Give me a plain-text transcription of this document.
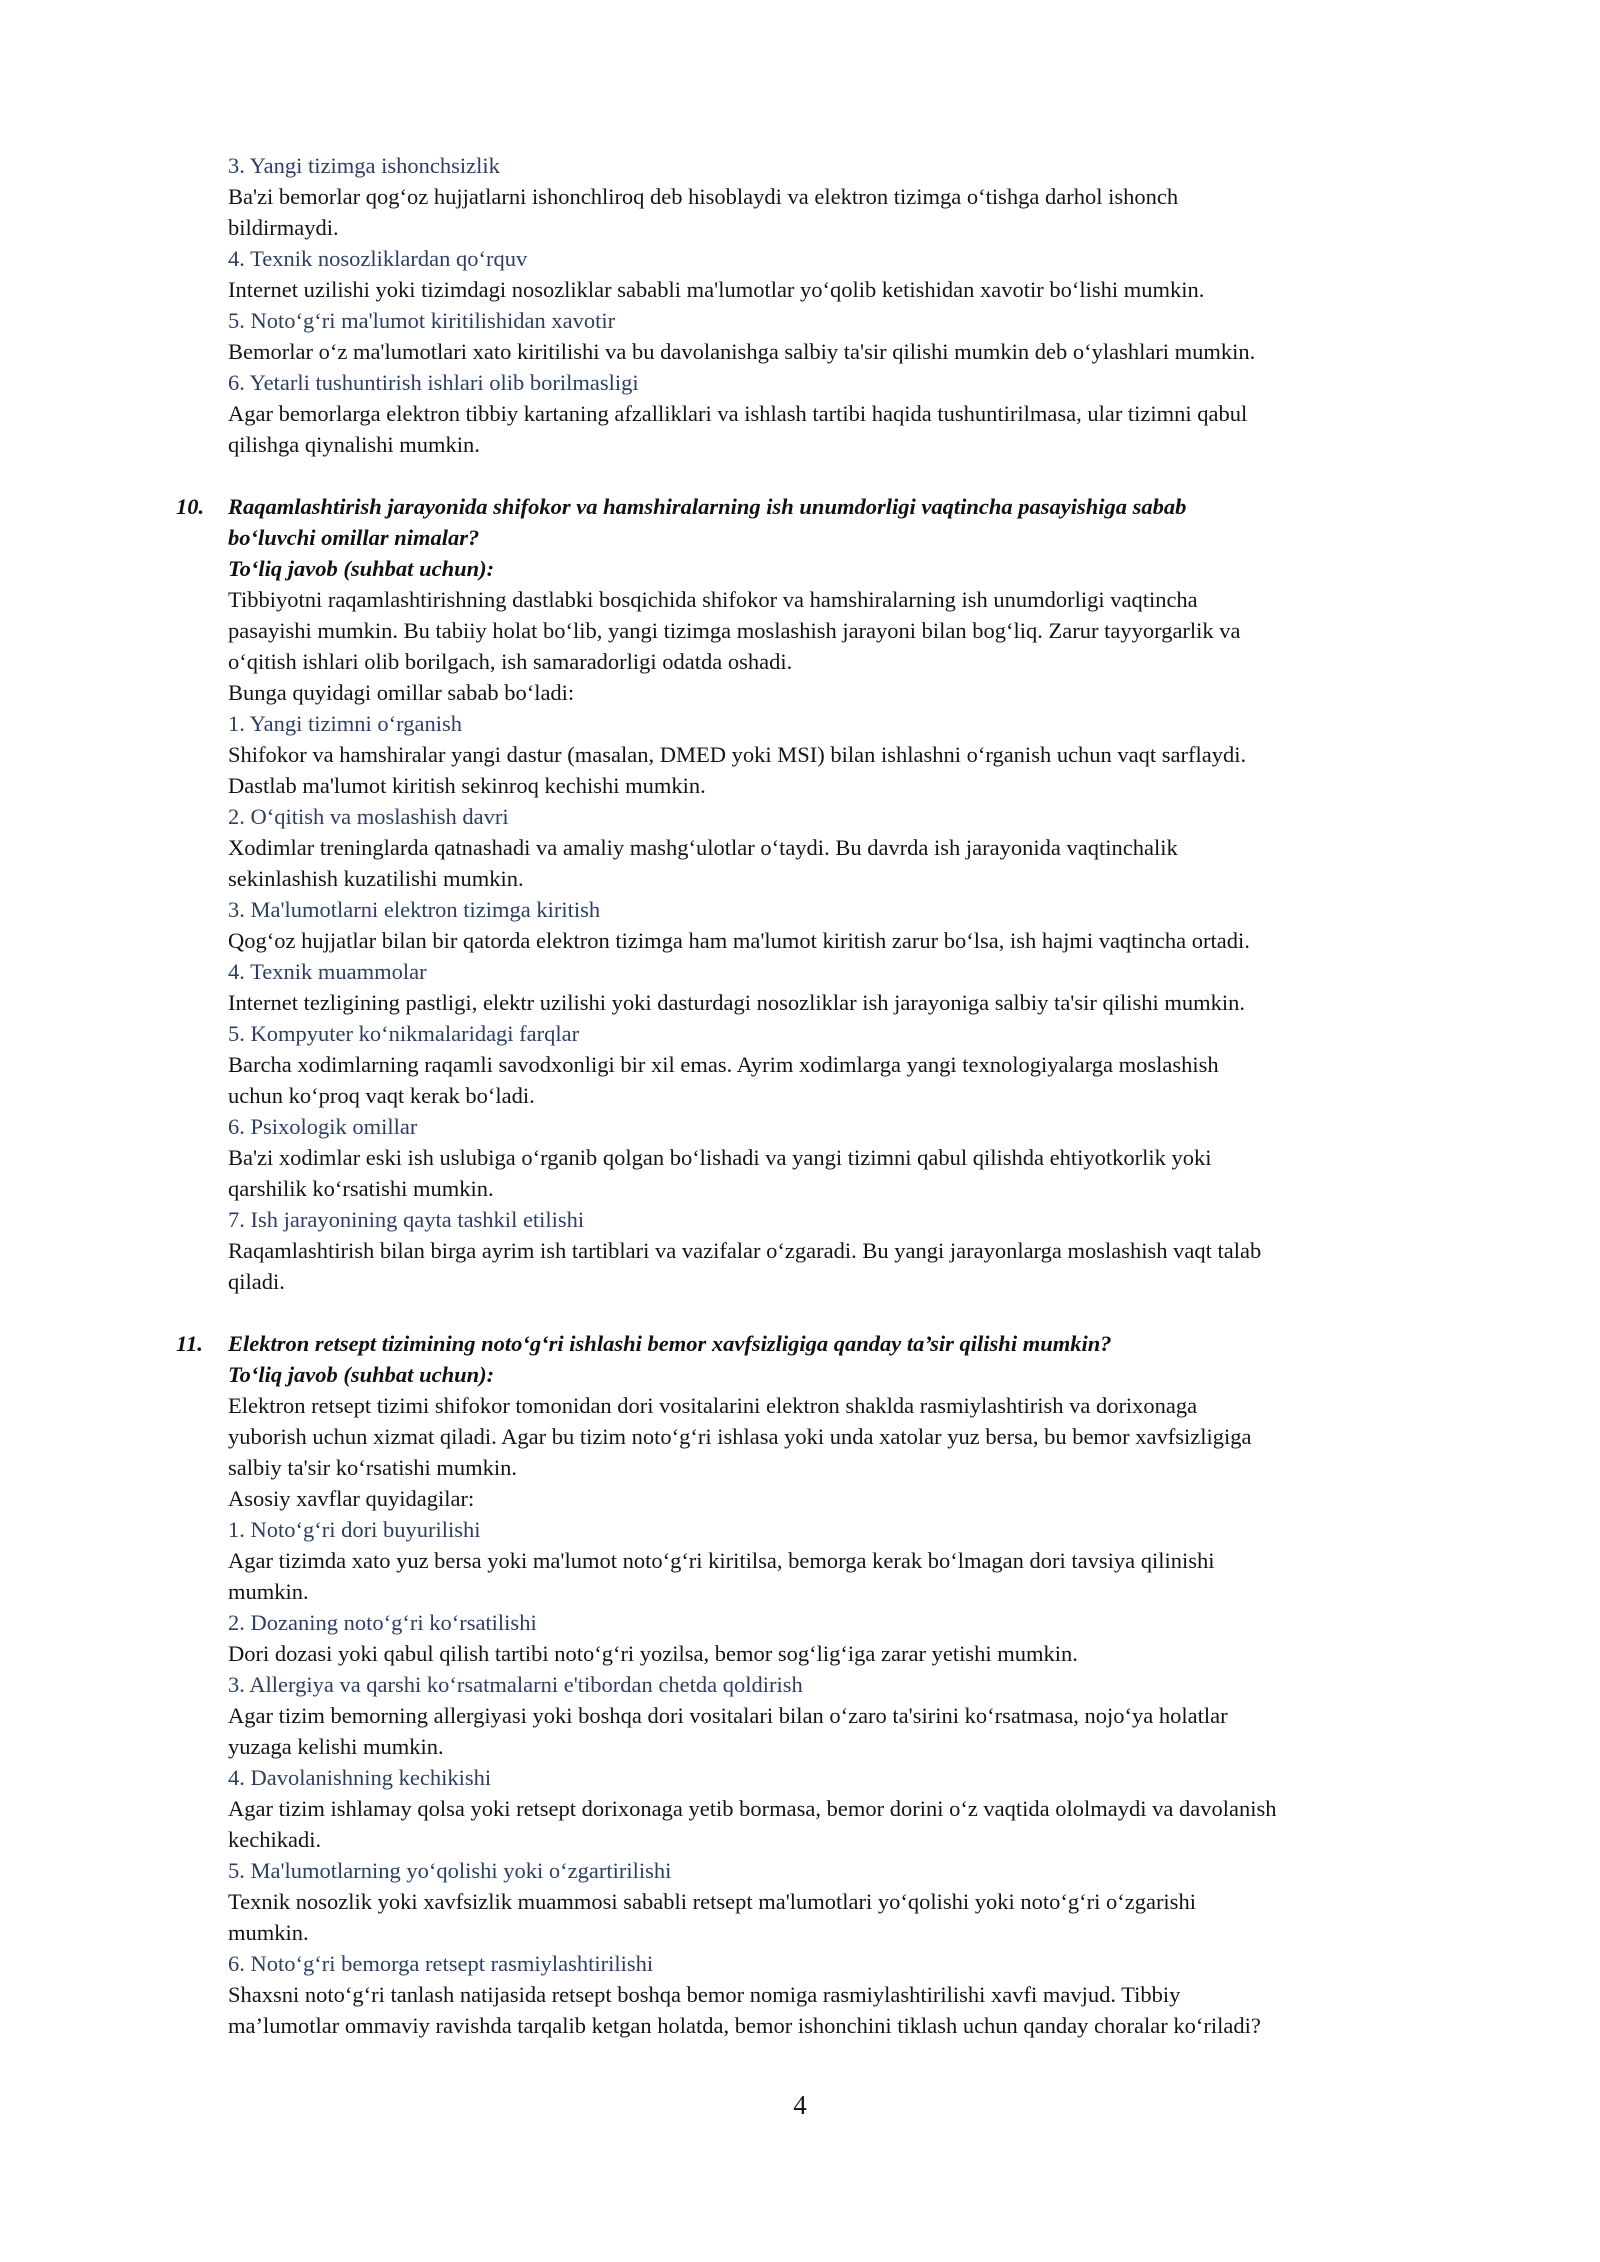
3. Yangi tizimga ishonchsizlik
Ba'zi bemorlar qog‘oz hujjatlarni ishonchliroq deb hisoblaydi va elektron tizimga o‘tishga darhol ishonch
bildirmaydi.
4. Texnik nosozliklardan qo‘rquv
Internet uzilishi yoki tizimdagi nosozliklar sababli ma'lumotlar yo‘qolib ketishidan xavotir bo‘lishi mumkin.
5. Noto‘g‘ri ma'lumot kiritilishidan xavotir
Bemorlar o‘z ma'lumotlari xato kiritilishi va bu davolanishga salbiy ta'sir qilishi mumkin deb o‘ylashlari mumkin.
6. Yetarli tushuntirish ishlari olib borilmasligi
Agar bemorlarga elektron tibbiy kartaning afzalliklari va ishlash tartibi haqida tushuntirilmasa, ular tizimni qabul
qilishga qiynalishi mumkin.
10. Raqamlashtirish jarayonida shifokor va hamshiralarning ish unumdorligi vaqtincha pasayishiga sabab
bo‘luvchi omillar nimalar?
To‘liq javob (suhbat uchun):
Tibbiyotni raqamlashtirishning dastlabki bosqichida shifokor va hamshiralarning ish unumdorligi vaqtincha
pasayishi mumkin. Bu tabiiy holat bo‘lib, yangi tizimga moslashish jarayoni bilan bog‘liq. Zarur tayyorgarlik va
o‘qitish ishlari olib borilgach, ish samaradorligi odatda oshadi.
Bunga quyidagi omillar sabab bo‘ladi:
1. Yangi tizimni o‘rganish
Shifokor va hamshiralar yangi dastur (masalan, DMED yoki MSI) bilan ishlashni o‘rganish uchun vaqt sarflaydi.
Dastlab ma'lumot kiritish sekinroq kechishi mumkin.
2. O‘qitish va moslashish davri
Xodimlar treninglarda qatnashadi va amaliy mashg‘ulotlar o‘taydi. Bu davrda ish jarayonida vaqtinchalik
sekinlashish kuzatilishi mumkin.
3. Ma'lumotlarni elektron tizimga kiritish
Qog‘oz hujjatlar bilan bir qatorda elektron tizimga ham ma'lumot kiritish zarur bo‘lsa, ish hajmi vaqtincha ortadi.
4. Texnik muammolar
Internet tezligining pastligi, elektr uzilishi yoki dasturdagi nosozliklar ish jarayoniga salbiy ta'sir qilishi mumkin.
5. Kompyuter ko‘nikmalaridagi farqlar
Barcha xodimlarning raqamli savodxonligi bir xil emas. Ayrim xodimlarga yangi texnologiyalarga moslashish
uchun ko‘proq vaqt kerak bo‘ladi.
6. Psixologik omillar
Ba'zi xodimlar eski ish uslubiga o‘rganib qolgan bo‘lishadi va yangi tizimni qabul qilishda ehtiyotkorlik yoki
qarshilik ko‘rsatishi mumkin.
7. Ish jarayonining qayta tashkil etilishi
Raqamlashtirish bilan birga ayrim ish tartiblari va vazifalar o‘zgaradi. Bu yangi jarayonlarga moslashish vaqt talab
qiladi.
11. Elektron retsept tizimining noto‘g‘ri ishlashi bemor xavfsizligiga qanday ta’sir qilishi mumkin?
To‘liq javob (suhbat uchun):
Elektron retsept tizimi shifokor tomonidan dori vositalarini elektron shaklda rasmiylashtirish va dorixonaga
yuborish uchun xizmat qiladi. Agar bu tizim noto‘g‘ri ishlasa yoki unda xatolar yuz bersa, bu bemor xavfsizligiga
salbiy ta'sir ko‘rsatishi mumkin.
Asosiy xavflar quyidagilar:
1. Noto‘g‘ri dori buyurilishi
Agar tizimda xato yuz bersa yoki ma'lumot noto‘g‘ri kiritilsa, bemorga kerak bo‘lmagan dori tavsiya qilinishi
mumkin.
2. Dozaning noto‘g‘ri ko‘rsatilishi
Dori dozasi yoki qabul qilish tartibi noto‘g‘ri yozilsa, bemor sog‘lig‘iga zarar yetishi mumkin.
3. Allergiya va qarshi ko‘rsatmalarni e'tibordan chetda qoldirish
Agar tizim bemorning allergiyasi yoki boshqa dori vositalari bilan o‘zaro ta'sirini ko‘rsatmasa, nojo‘ya holatlar
yuzaga kelishi mumkin.
4. Davolanishning kechikishi
Agar tizim ishlamay qolsa yoki retsept dorixonaga yetib bormasa, bemor dorini o‘z vaqtida ololmaydi va davolanish
kechikadi.
5. Ma'lumotlarning yo‘qolishi yoki o‘zgartirilishi
Texnik nosozlik yoki xavfsizlik muammosi sababli retsept ma'lumotlari yo‘qolishi yoki noto‘g‘ri o‘zgarishi
mumkin.
6. Noto‘g‘ri bemorga retsept rasmiylashtirilishi
Shaxsni noto‘g‘ri tanlash natijasida retsept boshqa bemor nomiga rasmiylashtirilishi xavfi mavjud. Tibbiy
ma’lumotlar ommaviy ravishda tarqalib ketgan holatda, bemor ishonchini tiklash uchun qanday choralar ko‘riladi?
4
